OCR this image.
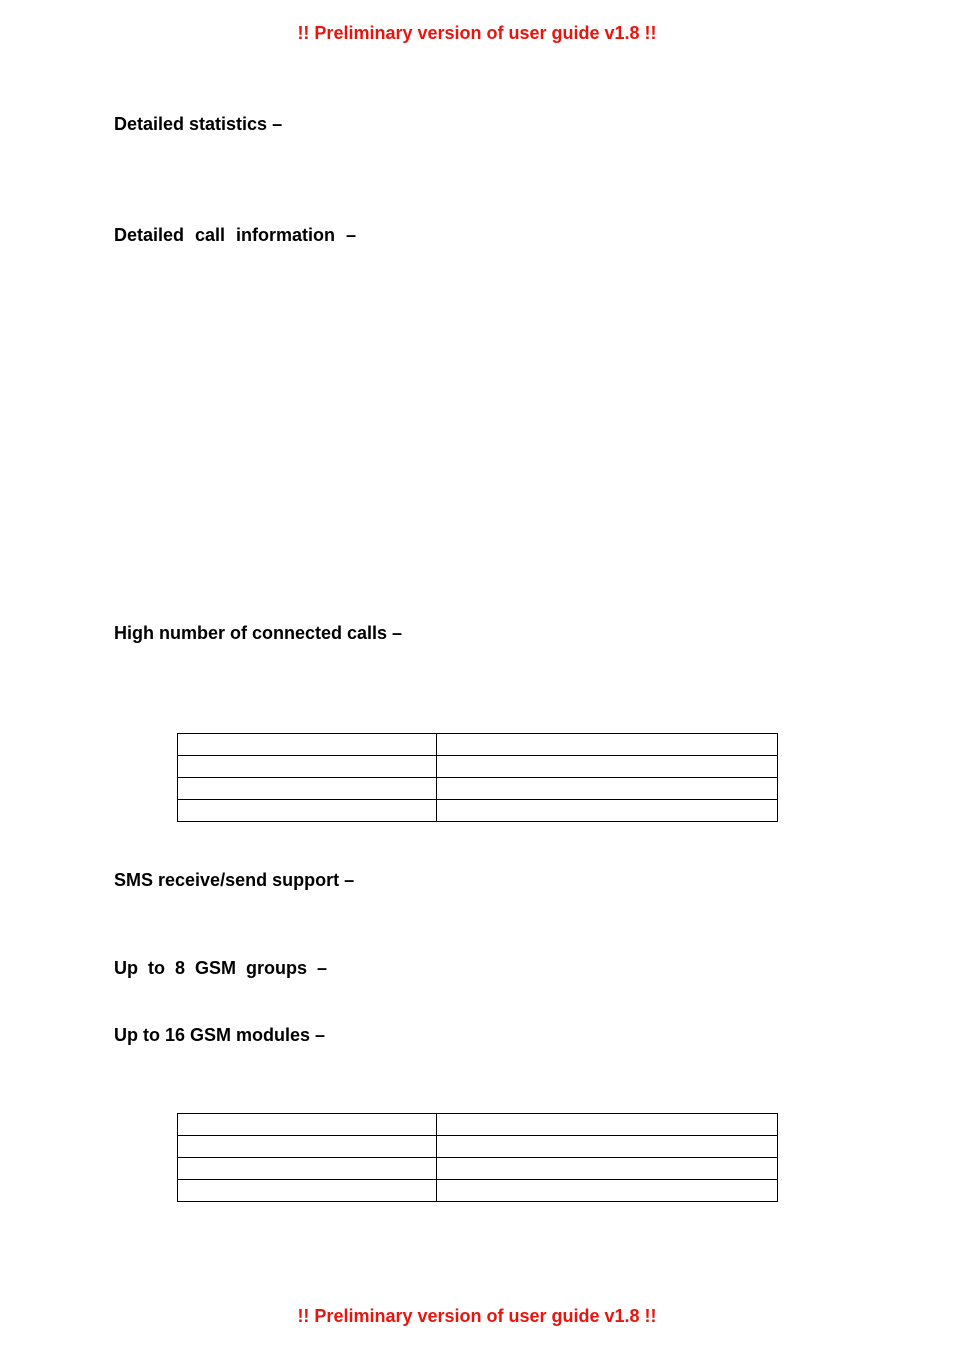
!! Preliminary version of user guide v1.8 !!
Detailed statistics –
Detailed call information –
High number of connected calls –

SMS receive/send support –
Up to 8 GSM groups –
Up to 16 GSM modules –

!! Preliminary version of user guide v1.8 !!
